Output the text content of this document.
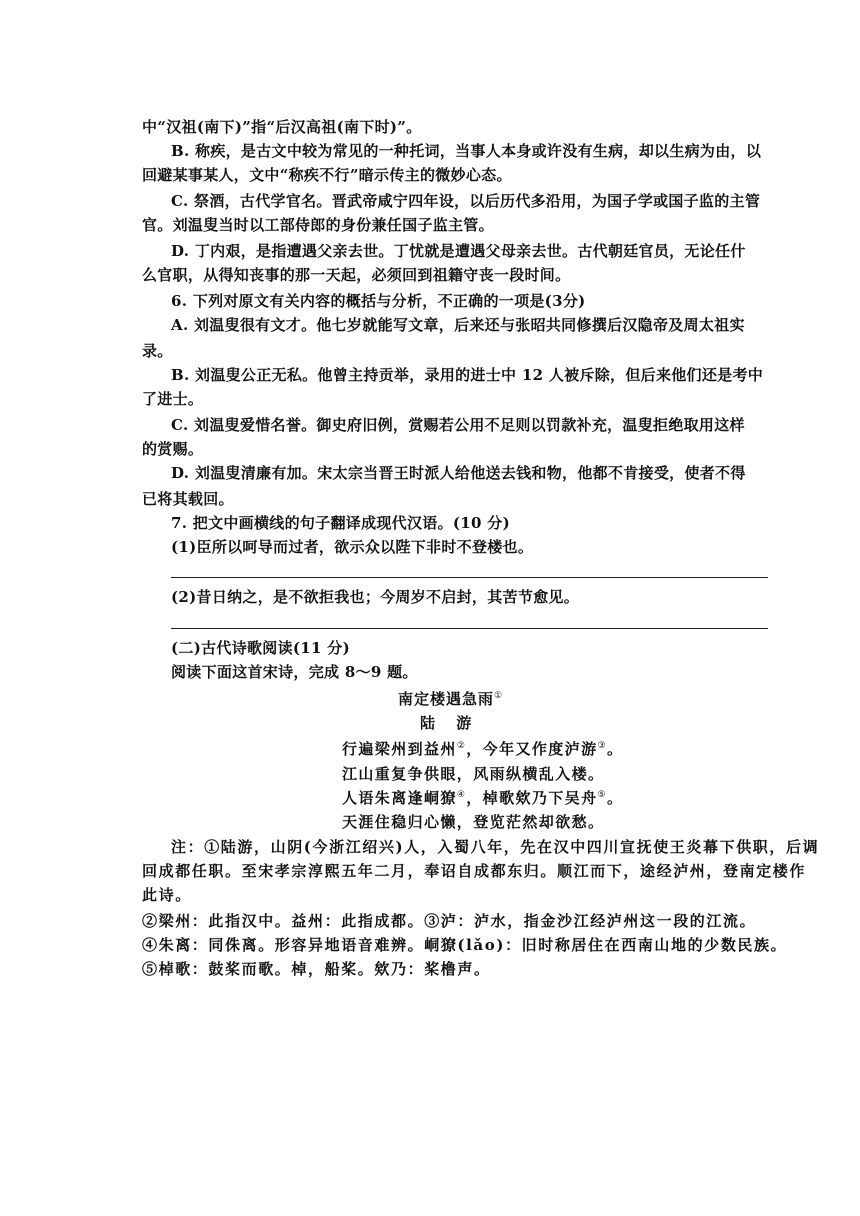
中“汉祖(南下)”指“后汉高祖(南下时)”。
B. 称疾，是古文中较为常见的一种托词，当事人本身或许没有生病，却以生病为由，以
回避某事某人，文中“称疾不行”暗示传主的微妙心态。
C. 祭酒，古代学官名。晋武帝咸宁四年设，以后历代多沿用，为国子学或国子监的主管
官。刘温叟当时以工部侍郎的身份兼任国子监主管。
D. 丁内艰，是指遭遇父亲去世。丁忧就是遭遇父母亲去世。古代朝廷官员，无论任什
么官职，从得知丧事的那一天起，必须回到祖籍守丧一段时间。
6. 下列对原文有关内容的概括与分析，不正确的一项是(3分)
A. 刘温叟很有文才。他七岁就能写文章，后来还与张昭共同修撰后汉隐帝及周太祖实
录。
B. 刘温叟公正无私。他曾主持贡举，录用的进士中 12 人被斥除，但后来他们还是考中
了进士。
C. 刘温叟爱惜名誉。御史府旧例，赏赐若公用不足则以罚款补充，温叟拒绝取用这样
的赏赐。
D. 刘温叟清廉有加。宋太宗当晋王时派人给他送去钱和物，他都不肯接受，使者不得
已将其载回。
7. 把文中画横线的句子翻译成现代汉语。(10 分)
(1)臣所以呵导而过者，欲示众以陛下非时不登楼也。
(2)昔日纳之，是不欲拒我也；今周岁不启封，其苦节愈见。
(二)古代诗歌阅读(11 分)
阅读下面这首宋诗，完成 8～9 题。
南定楼遇急雨①
陆 游
行遍梁州到益州②，今年又作度泸游③。
江山重复争供眼，风雨纵横乱入楼。
人语朱离逢峒獠④，棹歌欸乃下吴舟⑤。
天涯住稳归心懒，登览茫然却欲愁。
注：①陆游，山阴(今浙江绍兴)人，入蜀八年，先在汉中四川宣抚使王炎幕下供职，后调
回成都任职。至宋孝宗淳熙五年二月，奉诏自成都东归。顺江而下，途经泸州，登南定楼作
此诗。
②梁州：此指汉中。益州：此指成都。③泸：泸水，指金沙江经泸州这一段的江流。
④朱离：同侏离。形容异地语音难辨。峒獠(lǎo)：旧时称居住在西南山地的少数民族。
⑤棹歌：鼓桨而歌。棹，船桨。欸乃：桨橹声。
